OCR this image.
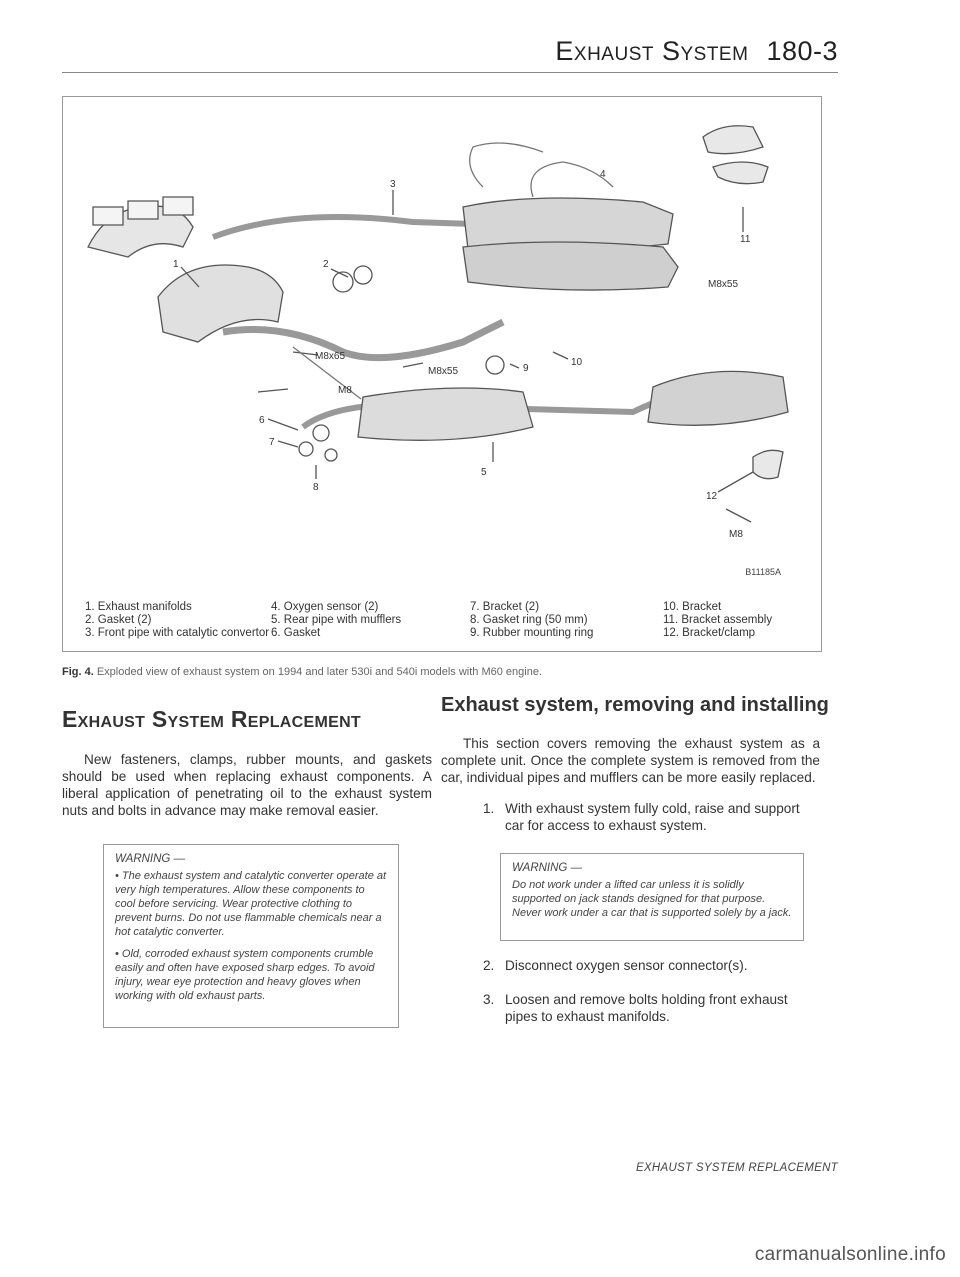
Exhaust System 180-3
1	2
3
4
5
6
7
8
9
10
11
12
M8x65
M8x55
M8
M8x55
M8
B11185A
1. Exhaust manifolds
2. Gasket (2)
3. Front pipe with catalytic convertor
4. Oxygen sensor (2)
5. Rear pipe with mufflers
6. Gasket
7. Bracket (2)
8. Gasket ring (50 mm)
9. Rubber mounting ring
10. Bracket
11. Bracket assembly
12. Bracket/clamp
Fig. 4. Exploded view of exhaust system on 1994 and later 530i and 540i models with M60 engine.
Exhaust System Replacement
New fasteners, clamps, rubber mounts, and gaskets should be used when replacing exhaust components. A liberal application of penetrating oil to the exhaust system nuts and bolts in advance may make removal easier.
WARNING —
• The exhaust system and catalytic converter operate at very high temperatures. Allow these components to cool before servicing. Wear protective clothing to prevent burns. Do not use flammable chemicals near a hot catalytic converter.
• Old, corroded exhaust system components crumble easily and often have exposed sharp edges. To avoid injury, wear eye protection and heavy gloves when working with old exhaust parts.
Exhaust system, removing and installing
This section covers removing the exhaust system as a complete unit. Once the complete system is removed from the car, individual pipes and mufflers can be more easily replaced.
1. With exhaust system fully cold, raise and support car for access to exhaust system.
WARNING —
Do not work under a lifted car unless it is solidly supported on jack stands designed for that purpose. Never work under a car that is supported solely by a jack.
2. Disconnect oxygen sensor connector(s).
3. Loosen and remove bolts holding front exhaust pipes to exhaust manifolds.
EXHAUST SYSTEM REPLACEMENT
carmanualsonline.info
